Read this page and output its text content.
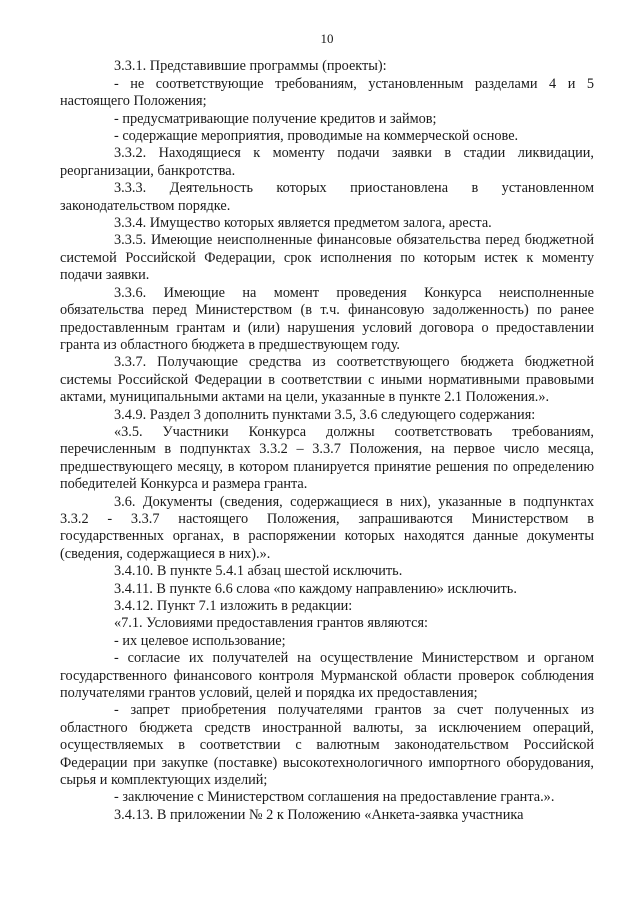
10

3.3.1. Представившие программы (проекты):

- не соответствующие требованиям, установленным разделами 4 и 5 настоящего Положения;

- предусматривающие получение кредитов и займов;

- содержащие мероприятия, проводимые на коммерческой основе.

3.3.2. Находящиеся к моменту подачи заявки в стадии ликвидации, реорганизации, банкротства.

3.3.3. Деятельность которых приостановлена в установленном законодательством порядке.

3.3.4. Имущество которых является предметом залога, ареста.

3.3.5. Имеющие неисполненные финансовые обязательства перед бюджетной системой Российской Федерации, срок исполнения по которым истек к моменту подачи заявки.

3.3.6. Имеющие на момент проведения Конкурса неисполненные обязательства перед Министерством (в т.ч. финансовую задолженность) по ранее предоставленным грантам и (или) нарушения условий договора о предоставлении гранта из областного бюджета в предшествующем году.

3.3.7. Получающие средства из соответствующего бюджета бюджетной системы Российской Федерации в соответствии с иными нормативными правовыми актами, муниципальными актами на цели, указанные в пункте 2.1 Положения.».

3.4.9. Раздел 3 дополнить пунктами 3.5, 3.6 следующего содержания:

«3.5. Участники Конкурса должны соответствовать требованиям, перечисленным в подпунктах 3.3.2 – 3.3.7 Положения, на первое число месяца, предшествующего месяцу, в котором планируется принятие решения по определению победителей Конкурса и размера гранта.

3.6. Документы (сведения, содержащиеся в них), указанные в подпунктах 3.3.2 - 3.3.7 настоящего Положения, запрашиваются Министерством в государственных органах, в распоряжении которых находятся данные документы (сведения, содержащиеся в них).».

3.4.10. В пункте 5.4.1 абзац шестой исключить.

3.4.11. В пункте 6.6 слова «по каждому направлению» исключить.

3.4.12. Пункт 7.1 изложить в редакции:

«7.1. Условиями предоставления грантов являются:

- их целевое использование;

- согласие их получателей на осуществление Министерством и органом государственного финансового контроля Мурманской области проверок соблюдения получателями грантов условий, целей и порядка их предоставления;

- запрет приобретения получателями грантов за счет полученных из областного бюджета средств иностранной валюты, за исключением операций, осуществляемых в соответствии с валютным законодательством Российской Федерации при закупке (поставке) высокотехнологичного импортного оборудования, сырья и комплектующих изделий;

- заключение с Министерством соглашения на предоставление гранта.».

3.4.13. В приложении № 2 к Положению «Анкета-заявка участника
